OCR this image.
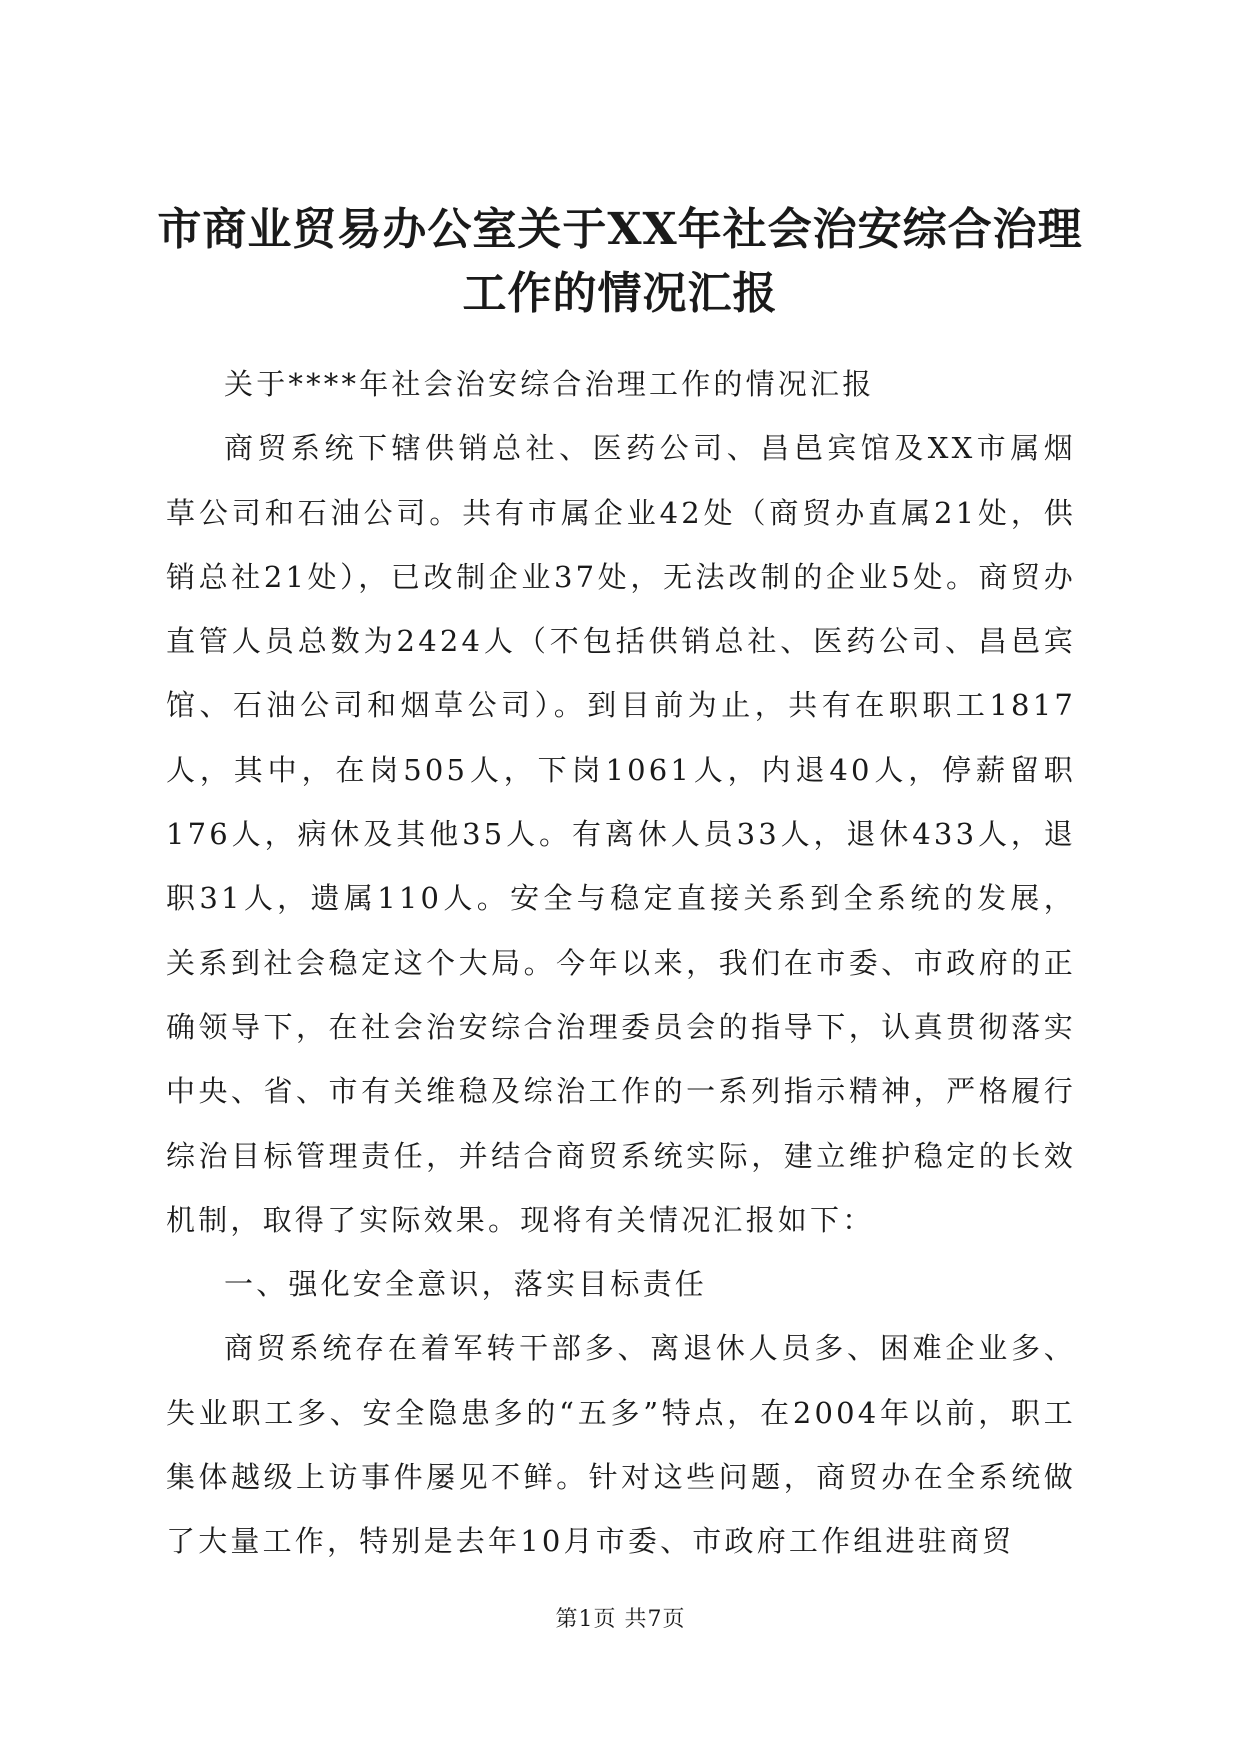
市商业贸易办公室关于XX年社会治安综合治理工作的情况汇报

关于****年社会治安综合治理工作的情况汇报

商贸系统下辖供销总社、医药公司、昌邑宾馆及XX市属烟草公司和石油公司。共有市属企业42处（商贸办直属21处，供销总社21处），已改制企业37处，无法改制的企业5处。商贸办直管人员总数为2424人（不包括供销总社、医药公司、昌邑宾馆、石油公司和烟草公司）。到目前为止，共有在职职工1817人，其中，在岗505人，下岗1061人，内退40人，停薪留职176人，病休及其他35人。有离休人员33人，退休433人，退职31人，遗属110人。安全与稳定直接关系到全系统的发展，关系到社会稳定这个大局。今年以来，我们在市委、市政府的正确领导下，在社会治安综合治理委员会的指导下，认真贯彻落实中央、省、市有关维稳及综治工作的一系列指示精神，严格履行综治目标管理责任，并结合商贸系统实际，建立维护稳定的长效机制，取得了实际效果。现将有关情况汇报如下：

一、强化安全意识，落实目标责任

商贸系统存在着军转干部多、离退休人员多、困难企业多、失业职工多、安全隐患多的“五多”特点，在2004年以前，职工集体越级上访事件屡见不鲜。针对这些问题，商贸办在全系统做了大量工作，特别是去年10月市委、市政府工作组进驻商贸

第1页 共7页
